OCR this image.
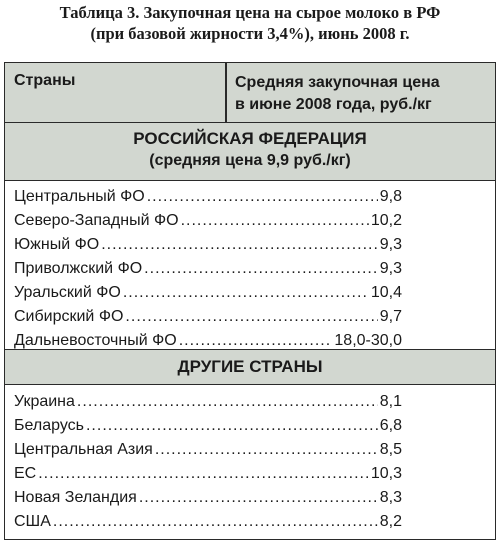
Таблица 3. Закупочная цена на сырое молоко в РФ
(при базовой жирности 3,4%), июнь 2008 г.
Страны	Средняя закупочная цена
в июне 2008 года, руб./кг
РОССИЙСКАЯ ФЕДЕРАЦИЯ
(средняя цена 9,9 руб./кг)
Центральный ФО .....	9,8
Северо-Западный ФО .....	10,2
Южный ФО .....	9,3
Приволжский ФО .....	9,3
Уральский ФО .....	10,4
Сибирский ФО .....	9,7
Дальневосточный ФО .....	18,0-30,0
ДРУГИЕ СТРАНЫ
Украина .....	8,1
Беларусь .....	6,8
Центральная Азия .....	8,5
ЕС .....	10,3
Новая Зеландия .....	8,3
США .....	8,2
